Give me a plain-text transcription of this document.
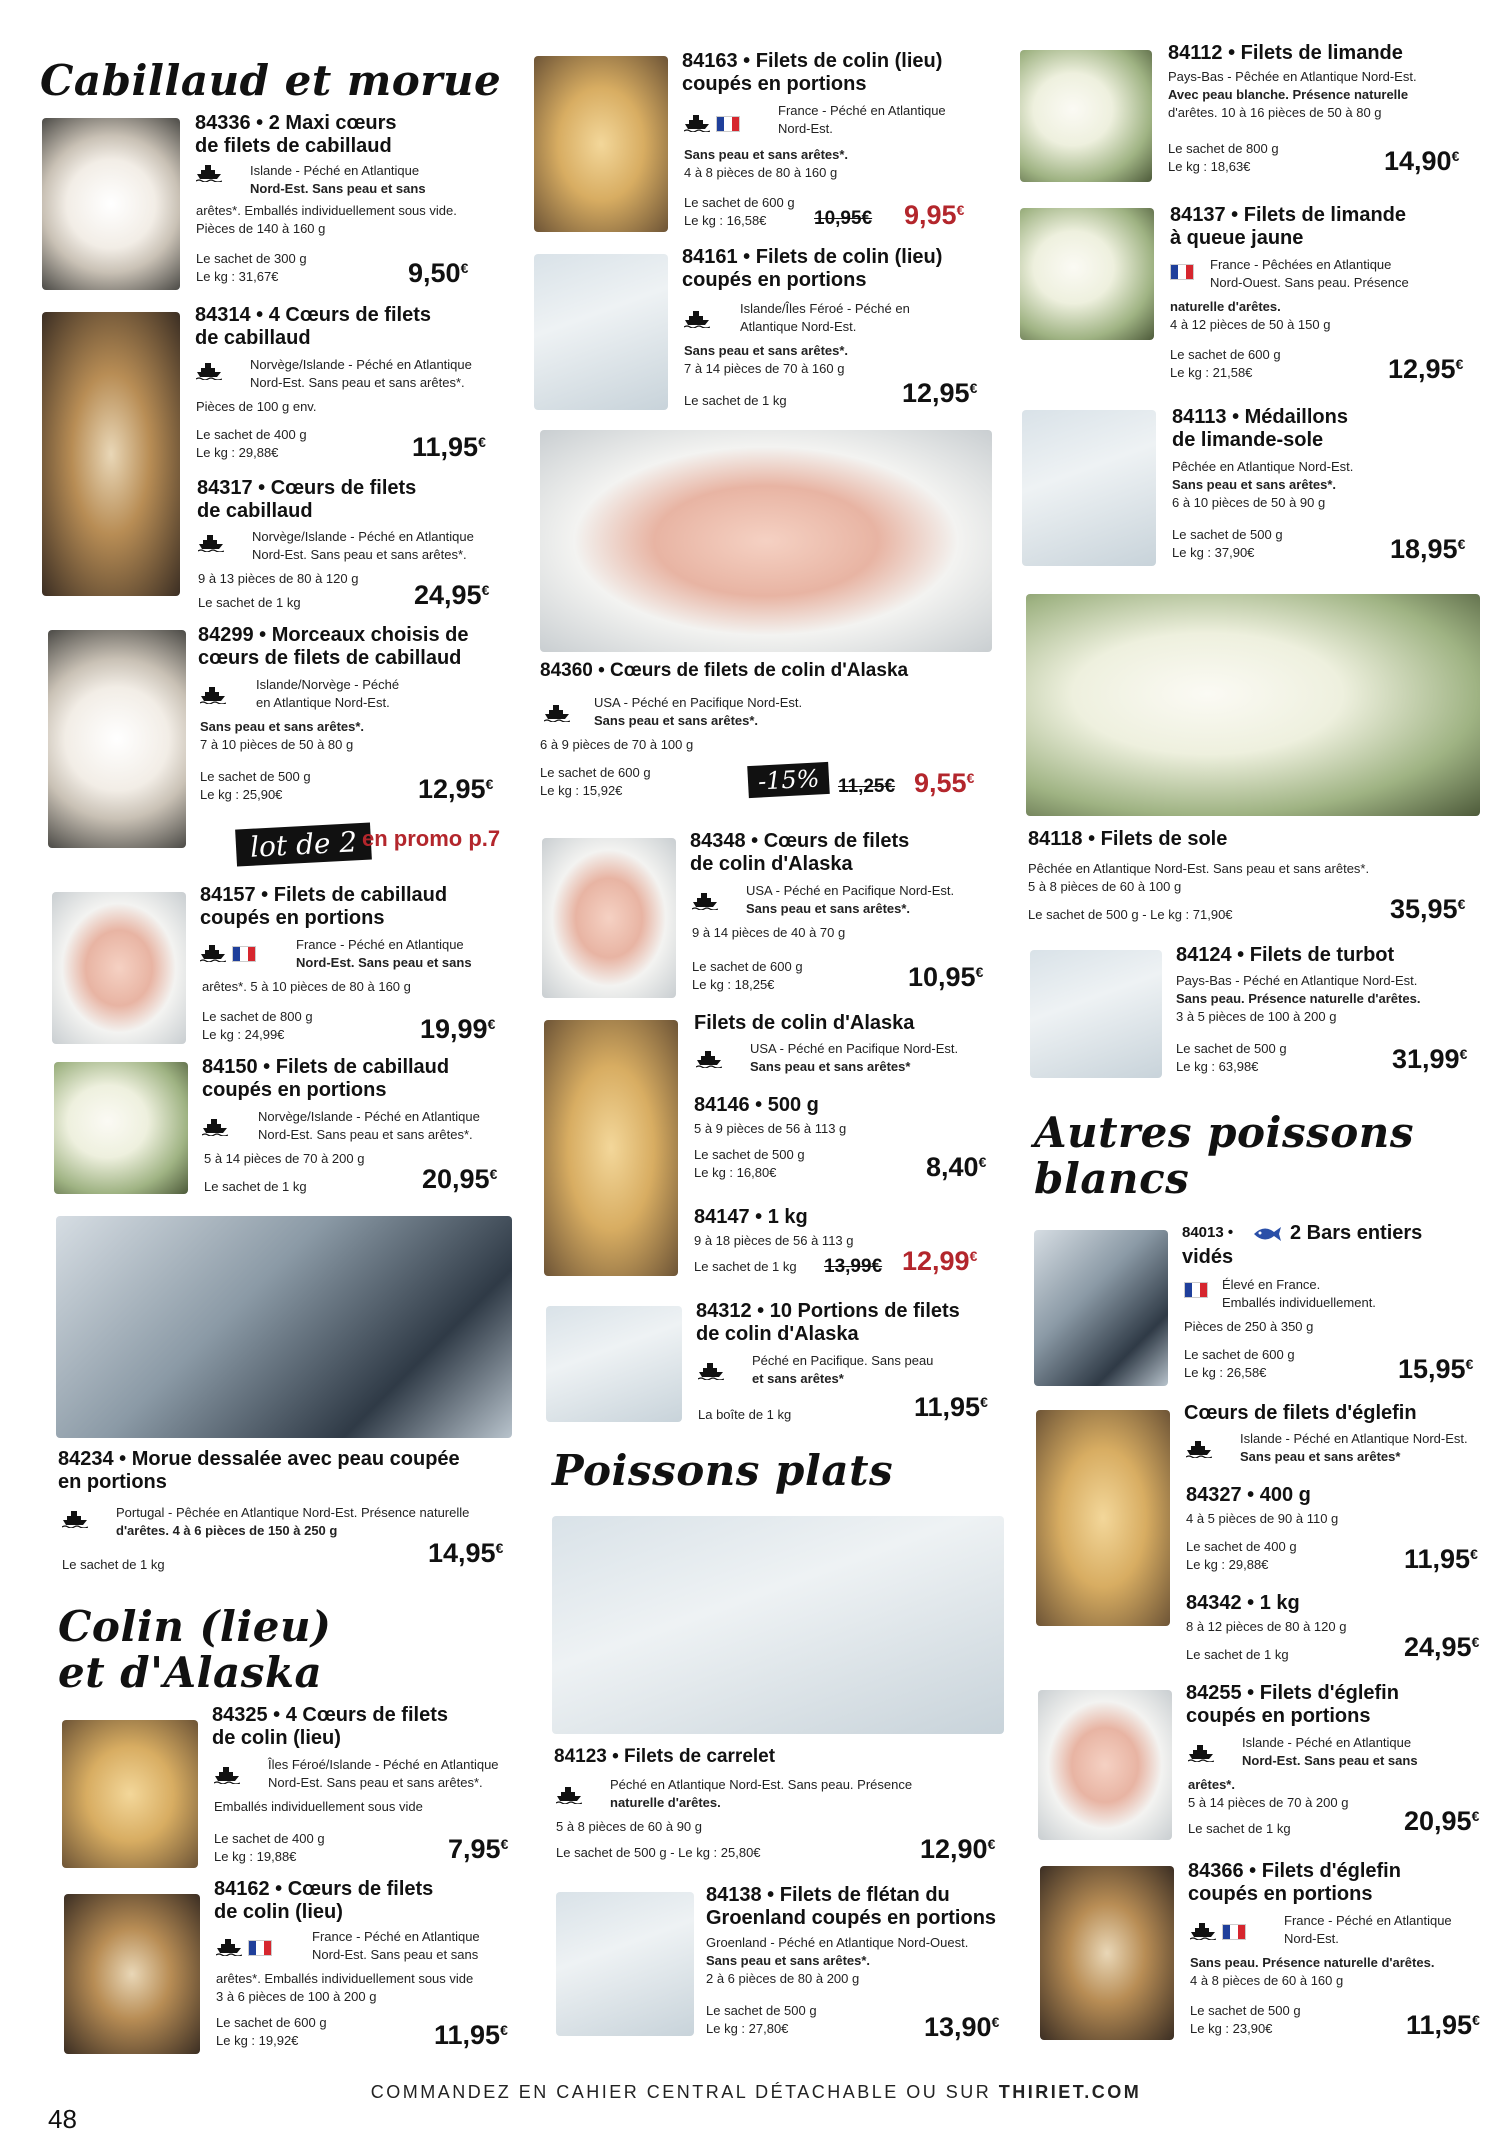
Cabillaud et morue
84336 • 2 Maxi cœurs
de filets de cabillaud
Islande - Péché en Atlantique
Nord-Est. Sans peau et sans
arêtes*. Emballés individuellement sous vide.
Pièces de 140 à 160 g
Le sachet de 300 g
Le kg : 31,67€	9,50€
84314 • 4 Cœurs de filets
de cabillaud
Norvège/Islande - Péché en Atlantique
Nord-Est. Sans peau et sans arêtes*.
Pièces de 100 g env.
Le sachet de 400 g
Le kg : 29,88€	11,95€
84317 • Cœurs de filets
de cabillaud
Norvège/Islande - Péché en Atlantique
Nord-Est. Sans peau et sans arêtes*.
9 à 13 pièces de 80 à 120 g
Le sachet de 1 kg	24,95€
84299 • Morceaux choisis de
cœurs de filets de cabillaud
Islande/Norvège - Péché
en Atlantique Nord-Est.
Sans peau et sans arêtes*.
7 à 10 pièces de 50 à 80 g
Le sachet de 500 g
Le kg : 25,90€	12,95€
lot de 2 en promo p.7
84157 • Filets de cabillaud
coupés en portions
France - Péché en Atlantique
Nord-Est. Sans peau et sans
arêtes*. 5 à 10 pièces de 80 à 160 g
Le sachet de 800 g
Le kg : 24,99€	19,99€
84150 • Filets de cabillaud
coupés en portions
Norvège/Islande - Péché en Atlantique
Nord-Est. Sans peau et sans arêtes*.
5 à 14 pièces de 70 à 200 g
Le sachet de 1 kg	20,95€
84234 • Morue dessalée avec peau coupée
en portions
Portugal - Pêchée en Atlantique Nord-Est. Présence naturelle
d'arêtes. 4 à 6 pièces de 150 à 250 g
Le sachet de 1 kg	14,95€
Colin (lieu)
et d'Alaska
84325 • 4 Cœurs de filets
de colin (lieu)
Îles Féroé/Islande - Péché en Atlantique
Nord-Est. Sans peau et sans arêtes*.
Emballés individuellement sous vide
Le sachet de 400 g
Le kg : 19,88€	7,95€
84162 • Cœurs de filets
de colin (lieu)
France - Péché en Atlantique
Nord-Est. Sans peau et sans
arêtes*. Emballés individuellement sous vide
3 à 6 pièces de 100 à 200 g
Le sachet de 600 g
Le kg : 19,92€	11,95€
84163 • Filets de colin (lieu)
coupés en portions
France - Péché en Atlantique
Nord-Est.
Sans peau et sans arêtes*.
4 à 8 pièces de 80 à 160 g
Le sachet de 600 g
Le kg : 16,58€	10,95€ 9,95€
84161 • Filets de colin (lieu)
coupés en portions
Islande/Îles Féroé - Péché en
Atlantique Nord-Est.
Sans peau et sans arêtes*.
7 à 14 pièces de 70 à 160 g
Le sachet de 1 kg	12,95€
84360 • Cœurs de filets de colin d'Alaska
USA - Péché en Pacifique Nord-Est.
Sans peau et sans arêtes*.
6 à 9 pièces de 70 à 100 g
Le sachet de 600 g
Le kg : 15,92€	-15% 11,25€ 9,55€
84348 • Cœurs de filets
de colin d'Alaska
USA - Péché en Pacifique Nord-Est.
Sans peau et sans arêtes*.
9 à 14 pièces de 40 à 70 g
Le sachet de 600 g
Le kg : 18,25€	10,95€
Filets de colin d'Alaska
USA - Péché en Pacifique Nord-Est.
Sans peau et sans arêtes*
84146 • 500 g
5 à 9 pièces de 56 à 113 g
Le sachet de 500 g
Le kg : 16,80€	8,40€
84147 • 1 kg
9 à 18 pièces de 56 à 113 g
Le sachet de 1 kg 13,99€ 12,99€
84312 • 10 Portions de filets
de colin d'Alaska
Péché en Pacifique. Sans peau
et sans arêtes*
La boîte de 1 kg	11,95€
Poissons plats
84123 • Filets de carrelet
Péché en Atlantique Nord-Est. Sans peau. Présence
naturelle d'arêtes.
5 à 8 pièces de 60 à 90 g
Le sachet de 500 g - Le kg : 25,80€	12,90€
84138 • Filets de flétan du
Groenland coupés en portions
Groenland - Péché en Atlantique Nord-Ouest.
Sans peau et sans arêtes*.
2 à 6 pièces de 80 à 200 g
Le sachet de 500 g
Le kg : 27,80€	13,90€
84112 • Filets de limande
Pays-Bas - Pêchée en Atlantique Nord-Est.
Avec peau blanche. Présence naturelle
d'arêtes. 10 à 16 pièces de 50 à 80 g
Le sachet de 800 g
Le kg : 18,63€	14,90€
84137 • Filets de limande
à queue jaune
France - Pêchées en Atlantique
Nord-Ouest. Sans peau. Présence
naturelle d'arêtes.
4 à 12 pièces de 50 à 150 g
Le sachet de 600 g
Le kg : 21,58€	12,95€
84113 • Médaillons
de limande-sole
Pêchée en Atlantique Nord-Est.
Sans peau et sans arêtes*.
6 à 10 pièces de 50 à 90 g
Le sachet de 500 g
Le kg : 37,90€	18,95€
84118 • Filets de sole
Pêchée en Atlantique Nord-Est. Sans peau et sans arêtes*.
5 à 8 pièces de 60 à 100 g
Le sachet de 500 g - Le kg : 71,90€	35,95€
84124 • Filets de turbot
Pays-Bas - Péché en Atlantique Nord-Est.
Sans peau. Présence naturelle d'arêtes.
3 à 5 pièces de 100 à 200 g
Le sachet de 500 g
Le kg : 63,98€	31,99€
Autres poissons
blancs
84013 •	2 Bars entiers
vidés
Élevé en France.
Emballés individuellement.
Pièces de 250 à 350 g
Le sachet de 600 g
Le kg : 26,58€	15,95€
Cœurs de filets d'églefin
Islande - Péché en Atlantique Nord-Est.
Sans peau et sans arêtes*
84327 • 400 g
4 à 5 pièces de 90 à 110 g
Le sachet de 400 g
Le kg : 29,88€	11,95€
84342 • 1 kg
8 à 12 pièces de 80 à 120 g
Le sachet de 1 kg	24,95€
84255 • Filets d'églefin
coupés en portions
Islande - Péché en Atlantique
Nord-Est. Sans peau et sans
arêtes*.
5 à 14 pièces de 70 à 200 g
Le sachet de 1 kg	20,95€
84366 • Filets d'églefin
coupés en portions
France - Péché en Atlantique
Nord-Est.
Sans peau. Présence naturelle d'arêtes.
4 à 8 pièces de 60 à 160 g
Le sachet de 500 g
Le kg : 23,90€	11,95€
COMMANDEZ EN CAHIER CENTRAL DÉTACHABLE OU SUR THIRIET.COM
48
